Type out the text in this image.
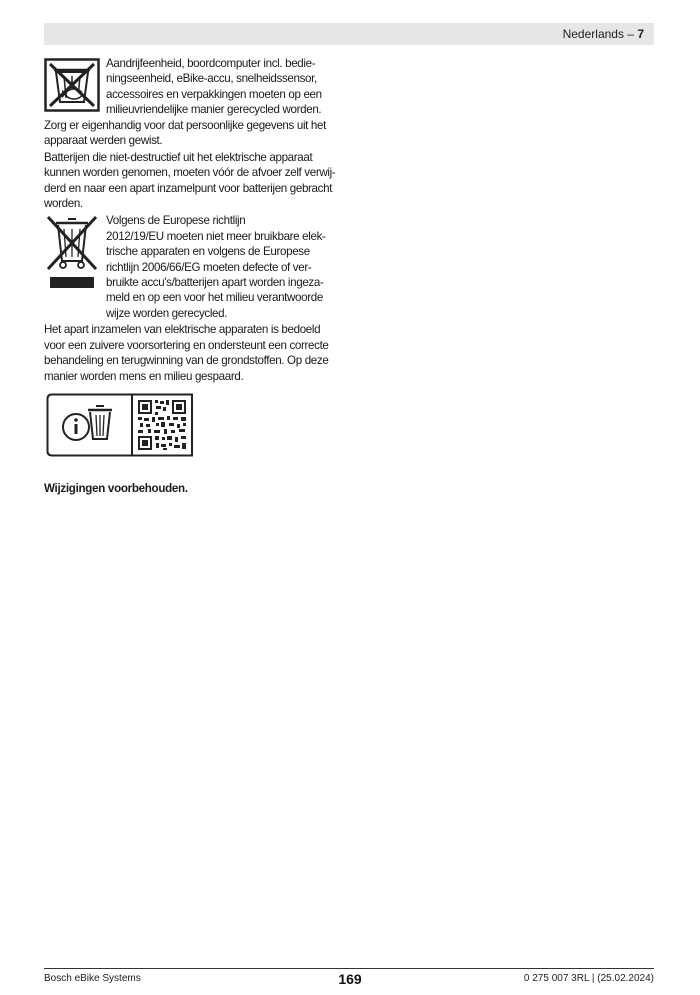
Nederlands – 7

Aandrijfeenheid, boordcomputer incl. bedie-

ningseenheid, eBike-accu, snelheidssensor,

accessoires en verpakkingen moeten op een

milieuvriendelijke manier gerecycled worden.

Zorg er eigenhandig voor dat persoonlijke gegevens uit het

apparaat werden gewist.

Batterijen die niet-destructief uit het elektrische apparaat

kunnen worden genomen, moeten vóór de afvoer zelf verwij-

derd en naar een apart inzamelpunt voor batterijen gebracht

worden.

Volgens de Europese richtlijn

2012/19/EU moeten niet meer bruikbare elek-

trische apparaten en volgens de Europese

richtlijn 2006/66/EG moeten defecte of ver-

bruikte accu's/batterijen apart worden ingeza-

meld en op een voor het milieu verantwoorde

wijze worden gerecycled.

Het apart inzamelen van elektrische apparaten is bedoeld

voor een zuivere voorsortering en ondersteunt een correcte

behandeling en terugwinning van de grondstoffen. Op deze

manier worden mens en milieu gespaard.

Wijzigingen voorbehouden.
Bosch eBike Systems	169	0 275 007 3RL | (25.02.2024)
